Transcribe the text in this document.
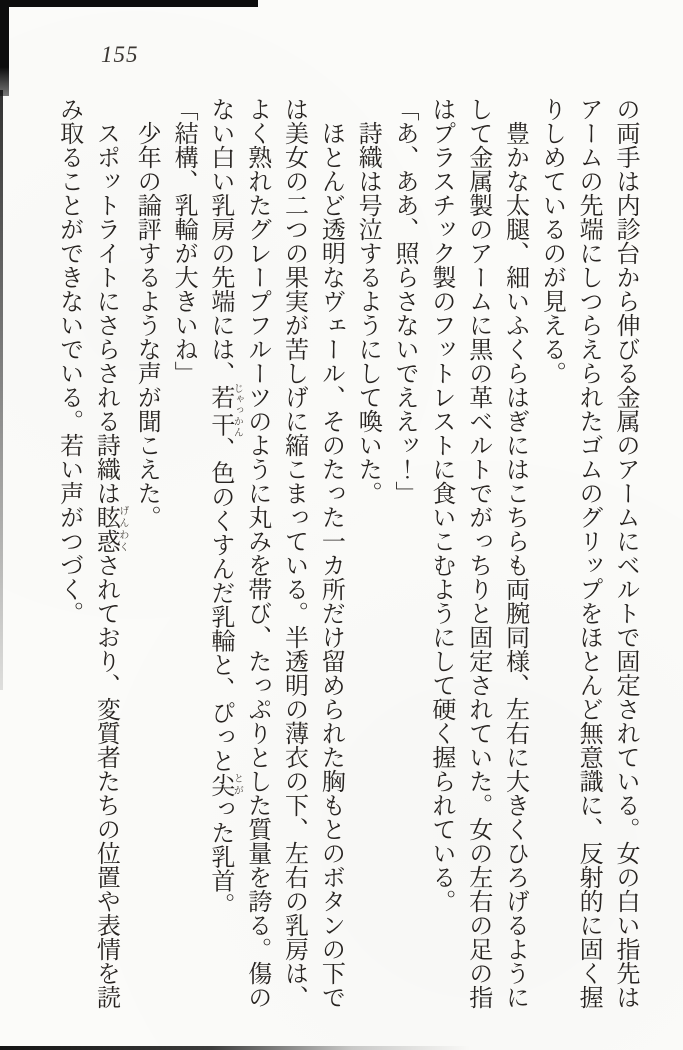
155

の両手は内診台から伸びる金属のアームにベルトで固定されている。女の白い指先はアームの先端にしつらえられたゴムのグリップをほとんど無意識に、反射的に固く握りしめているのが見える。

豊かな太腿、細いふくらはぎにはこちらも両腕同様、左右に大きくひろげるようにして金属製のアームに黒の革ベルトでがっちりと固定されていた。女の左右の足の指はプラスチック製のフットレストに食いこむようにして硬く握られている。

「あ、ああ、照らさないでええッ！」

詩織は号泣するようにして喚いた。

ほとんど透明なヴェール、そのたった一カ所だけ留められた胸もとのボタンの下では美女の二つの果実が苦しげに縮こまっている。半透明の薄衣の下、左右の乳房は、よく熟れたグレープフルーツのように丸みを帯び、たっぷりとした質量を誇る。傷のない白い乳房の先端には、若干じゃっかん、色のくすんだ乳輪と、ぴっと尖とがった乳首。

「結構、乳輪が大きいね」

少年の論評するような声が聞こえた。

スポットライトにさらされる詩織は眩惑げんわくされており、変質者たちの位置や表情を読み取ることができないでいる。若い声がつづく。
